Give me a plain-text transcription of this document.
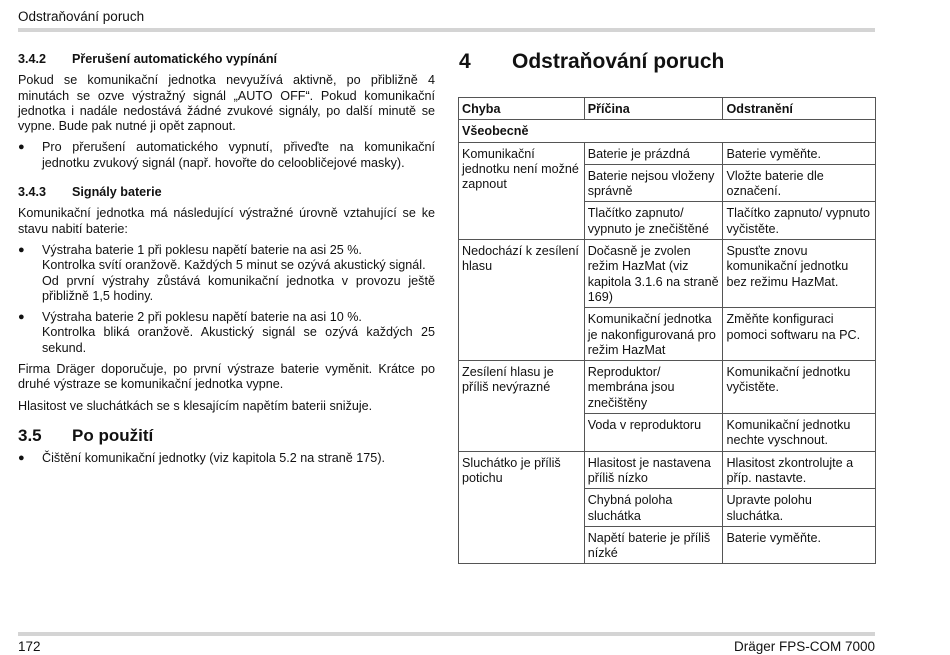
Odstraňování poruch
3.4.2	Přerušení automatického vypínání

Pokud se komunikační jednotka nevyužívá aktivně, po přibližně 4 minutách se ozve výstražný signál „AUTO OFF“. Pokud komunikační jednotka i nadále nedostává žádné zvukové signály, po další minutě se vypne. Bude pak nutné ji opět zapnout.

●	Pro přerušení automatického vypnutí, přiveďte na komunikační jednotku zvukový signál (např. hovořte do celoobličejové masky).
3.4.3	Signály baterie

Komunikační jednotka má následující výstražné úrovně vztahující se ke stavu nabití baterie:

●	Výstraha baterie 1 při poklesu napětí baterie na asi 25 %.
Kontrolka svítí oranžově. Každých 5 minut se ozývá akustický signál.
Od první výstrahy zůstává komunikační jednotka v provozu ještě přibližně 1,5 hodiny.
●	Výstraha baterie 2 při poklesu napětí baterie na asi 10 %.
Kontrolka bliká oranžově. Akustický signál se ozývá každých 25 sekund.

Firma Dräger doporučuje, po první výstraze baterie vyměnit. Krátce po druhé výstraze se komunikační jednotka vypne.

Hlasitost ve sluchátkách se s klesajícím napětím baterii snižuje.

3.5	Po použití
●	Čištění komunikační jednotky (viz kapitola 5.2 na straně 175).
4	Odstraňování poruch
Chyba	Příčina	Odstranění
Všeobecně		
Komunikační jednotku není možné zapnout	Baterie je prázdná	Baterie vyměňte.
	Baterie nejsou vloženy správně	Vložte baterie dle označení.
	Tlačítko zapnuto/ vypnuto je znečištěné	Tlačítko zapnuto/ vypnuto vyčistěte.
Nedochází k zesílení hlasu	Dočasně je zvolen režim HazMat (viz kapitola 3.1.6 na straně 169)	Spusťte znovu komunikační jednotku bez režimu HazMat.
	Komunikační jednotka je nakonfigurovaná pro režim HazMat	Změňte konfiguraci pomoci softwaru na PC.
Zesílení hlasu je příliš nevýrazné	Reproduktor/ membrána jsou znečištěny	Komunikační jednotku vyčistěte.
	Voda v reproduktoru	Komunikační jednotku nechte vyschnout.
Sluchátko je příliš potichu	Hlasitost je nastavena příliš nízko	Hlasitost zkontrolujte a příp. nastavte.
	Chybná poloha sluchátka	Upravte polohu sluchátka.
	Napětí baterie je příliš nízké	Baterie vyměňte.
172	Dräger FPS-COM 7000
